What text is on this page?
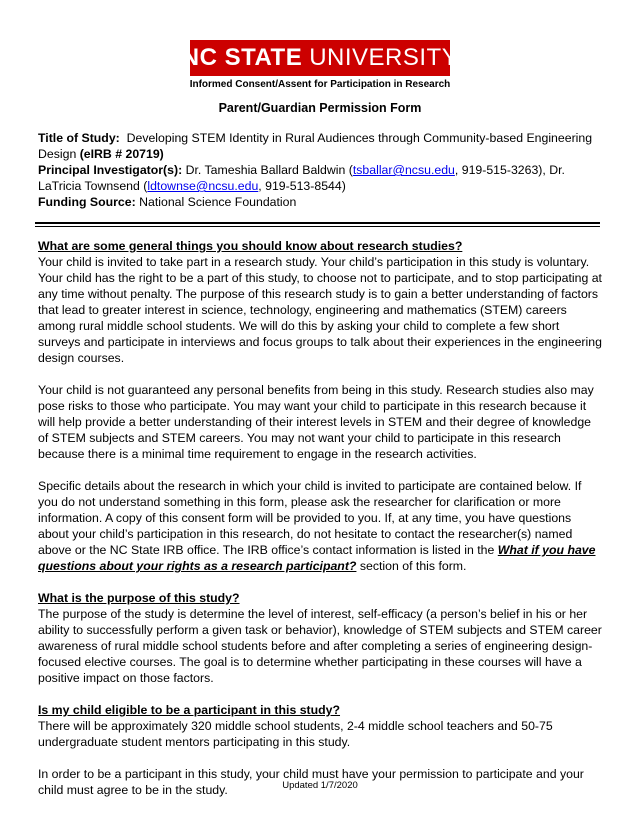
NC STATE UNIVERSITY
Informed Consent/Assent for Participation in Research
Parent/Guardian Permission Form
Title of Study: Developing STEM Identity in Rural Audiences through Community-based Engineering Design (eIRB # 20719)
Principal Investigator(s): Dr. Tameshia Ballard Baldwin (tsballar@ncsu.edu, 919-515-3263), Dr. LaTricia Townsend (ldtownse@ncsu.edu, 919-513-8544)
Funding Source: National Science Foundation
What are some general things you should know about research studies?

Your child is invited to take part in a research study. Your child’s participation in this study is voluntary. Your child has the right to be a part of this study, to choose not to participate, and to stop participating at any time without penalty. The purpose of this research study is to gain a better understanding of factors that lead to greater interest in science, technology, engineering and mathematics (STEM) careers among rural middle school students. We will do this by asking your child to complete a few short surveys and participate in interviews and focus groups to talk about their experiences in the engineering design courses.

Your child is not guaranteed any personal benefits from being in this study. Research studies also may pose risks to those who participate. You may want your child to participate in this research because it will help provide a better understanding of their interest levels in STEM and their degree of knowledge of STEM subjects and STEM careers. You may not want your child to participate in this research because there is a minimal time requirement to engage in the research activities.

Specific details about the research in which your child is invited to participate are contained below. If you do not understand something in this form, please ask the researcher for clarification or more information. A copy of this consent form will be provided to you. If, at any time, you have questions about your child’s participation in this research, do not hesitate to contact the researcher(s) named above or the NC State IRB office. The IRB office’s contact information is listed in the What if you have questions about your rights as a research participant? section of this form.

What is the purpose of this study?

The purpose of the study is determine the level of interest, self-efficacy (a person’s belief in his or her ability to successfully perform a given task or behavior), knowledge of STEM subjects and STEM career awareness of rural middle school students before and after completing a series of engineering design-focused elective courses. The goal is to determine whether participating in these courses will have a positive impact on those factors.

Is my child eligible to be a participant in this study?

There will be approximately 320 middle school students, 2-4 middle school teachers and 50-75 undergraduate student mentors participating in this study.

In order to be a participant in this study, your child must have your permission to participate and your child must agree to be in the study.	Updated 1/7/2020
